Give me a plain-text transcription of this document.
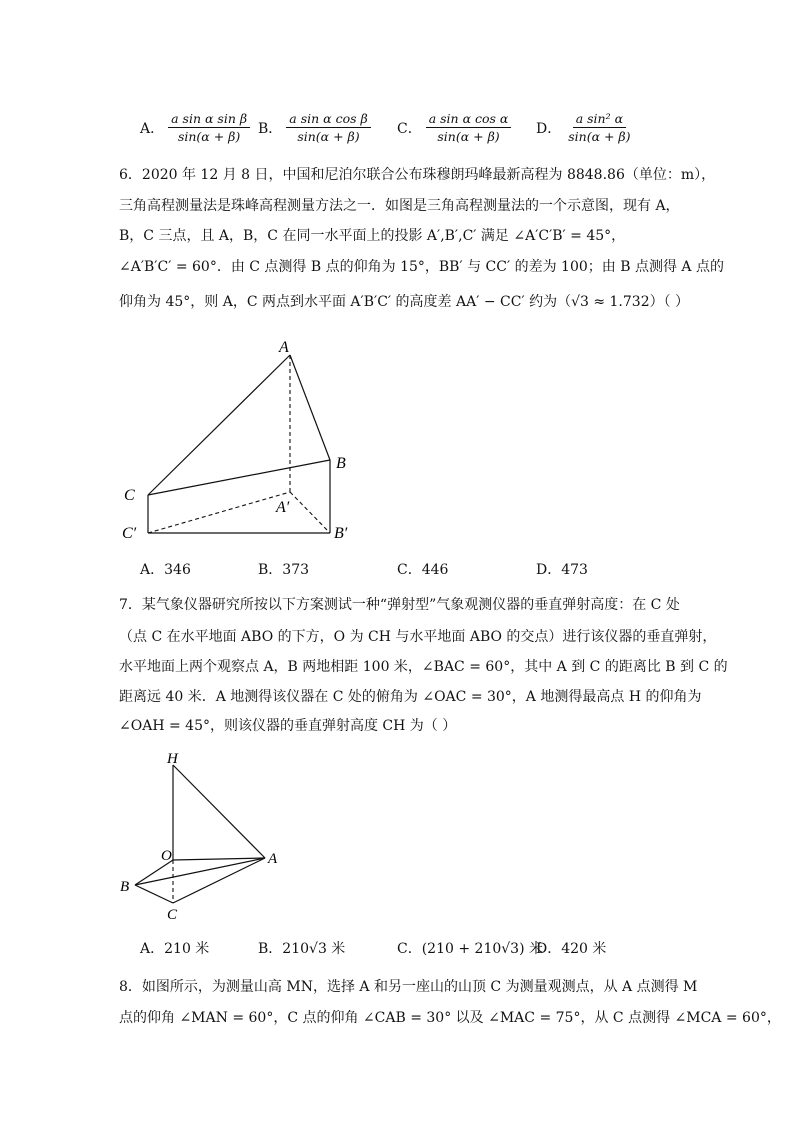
A． $\frac{\text{a sin α sin β}}{\sin(\alpha + \beta)}$ B． $\frac{\text{a sin α cos β}}{\sin(\alpha + \beta)}$ C． $\frac{\text{a sin α cos α}}{\sin(\alpha + \beta)}$ D． $\frac{\text{a sin² α}}{\sin(\alpha + \beta)}$
6．2020 年 12 月 8 日，中国和尼泊尔联合公布珠穆朗玛峰最新高程为 8848.86（单位：m），
三角高程测量法是珠峰高程测量方法之一．如图是三角高程测量法的一个示意图，现有 A，
B，C 三点，且 A，B，C 在同一水平面上的投影 A′,B′,C′ 满足 ∠A′C′B′ = 45°，
∠A′B′C′ = 60°．由 C 点测得 B 点的仰角为 15°，BB′ 与 CC′ 的差为 100；由 B 点测得 A 点的
仰角为 45°，则 A，C 两点到水平面 A′B′C′ 的高度差 AA′ − CC′ 约为（√3 ≈ 1.732）（ ）
A
B
C
A′
B′
C′
A．346	B．373	C．446	D．473
7．某气象仪器研究所按以下方案测试一种“弹射型”气象观测仪器的垂直弹射高度：在 C 处
（点 C 在水平地面 ABO 的下方，O 为 CH 与水平地面 ABO 的交点）进行该仪器的垂直弹射，
水平地面上两个观察点 A，B 两地相距 100 米，∠BAC = 60°，其中 A 到 C 的距离比 B 到 C 的
距离远 40 米．A 地测得该仪器在 C 处的俯角为 ∠OAC = 30°，A 地测得最高点 H 的仰角为
∠OAH = 45°，则该仪器的垂直弹射高度 CH 为（ ）
H
O	A
B
C
A．210 米	B．210√3 米	C．(210 + 210√3) 米
D．420 米
8．如图所示，为测量山高 MN，选择 A 和另一座山的山顶 C 为测量观测点，从 A 点测得 M
点的仰角 ∠MAN = 60°，C 点的仰角 ∠CAB = 30° 以及 ∠MAC = 75°，从 C 点测得 ∠MCA = 60°，
